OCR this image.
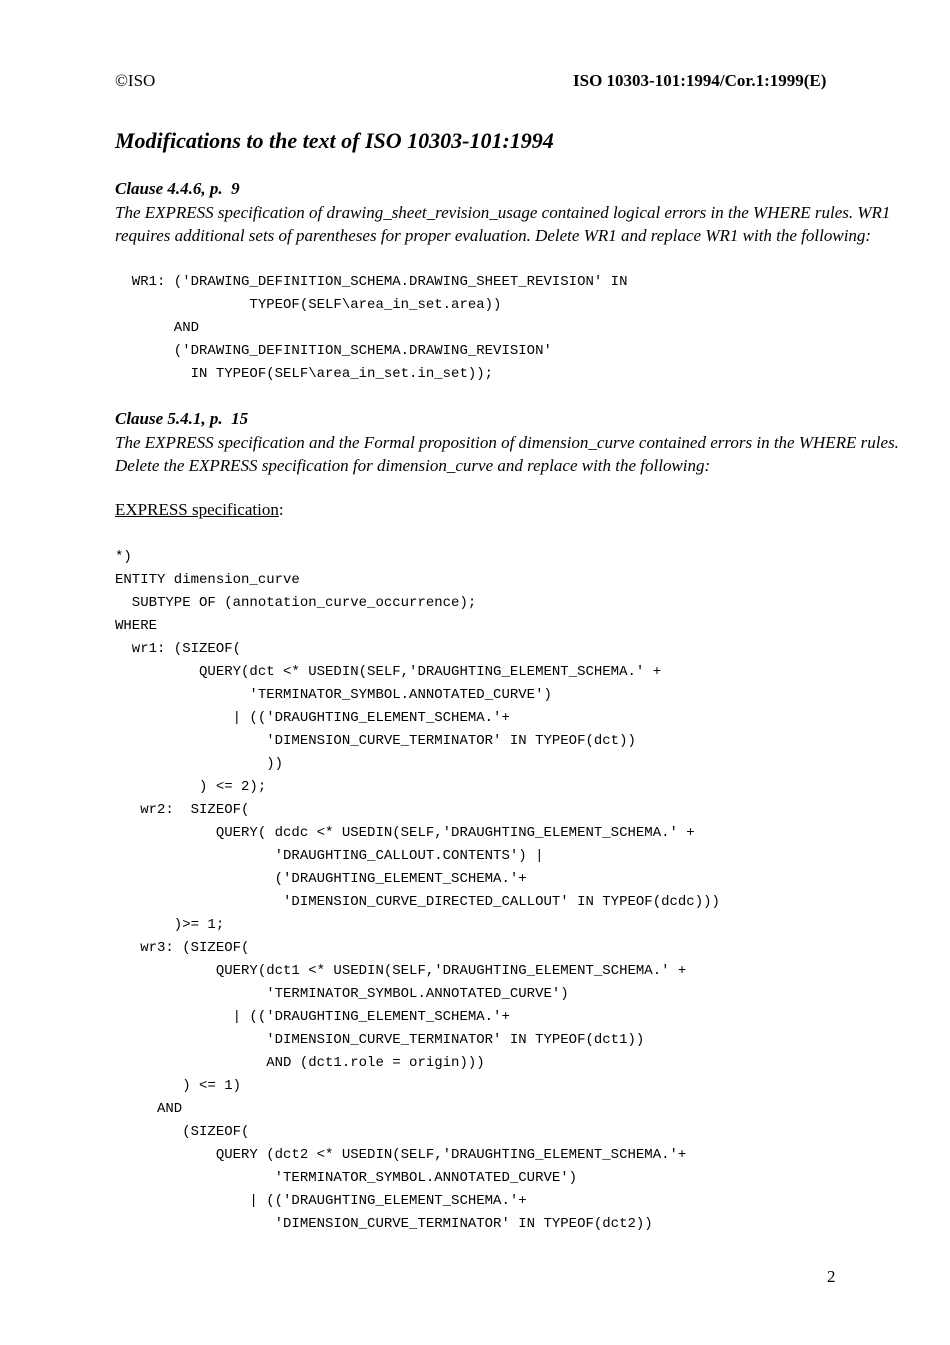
©ISO	ISO 10303-101:1994/Cor.1:1999(E)
Modifications to the text of ISO 10303-101:1994
Clause 4.4.6, p.  9
The EXPRESS specification of drawing_sheet_revision_usage contained logical errors in the WHERE rules. WR1 requires additional sets of parentheses for proper evaluation. Delete WR1 and replace WR1 with the following:
WR1: ('DRAWING_DEFINITION_SCHEMA.DRAWING_SHEET_REVISION' IN
TYPEOF(SELF\area_in_set.area))
AND
('DRAWING_DEFINITION_SCHEMA.DRAWING_REVISION'
IN TYPEOF(SELF\area_in_set.in_set));
Clause 5.4.1, p.  15
The EXPRESS specification and the Formal proposition of dimension_curve contained errors in the WHERE rules. Delete the EXPRESS specification for dimension_curve and replace with the following:
EXPRESS specification:
*)
ENTITY dimension_curve
SUBTYPE OF (annotation_curve_occurrence);
WHERE
wr1: (SIZEOF(
QUERY(dct <* USEDIN(SELF,'DRAUGHTING_ELEMENT_SCHEMA.' +
'TERMINATOR_SYMBOL.ANNOTATED_CURVE')
| (('DRAUGHTING_ELEMENT_SCHEMA.'+
'DIMENSION_CURVE_TERMINATOR' IN TYPEOF(dct))
))
) <= 2);
wr2:  SIZEOF(
QUERY( dcdc <* USEDIN(SELF,'DRAUGHTING_ELEMENT_SCHEMA.' +
'DRAUGHTING_CALLOUT.CONTENTS') |
('DRAUGHTING_ELEMENT_SCHEMA.'+
'DIMENSION_CURVE_DIRECTED_CALLOUT' IN TYPEOF(dcdc)))
)>= 1;
wr3: (SIZEOF(
QUERY(dct1 <* USEDIN(SELF,'DRAUGHTING_ELEMENT_SCHEMA.' +
'TERMINATOR_SYMBOL.ANNOTATED_CURVE')
| (('DRAUGHTING_ELEMENT_SCHEMA.'+
'DIMENSION_CURVE_TERMINATOR' IN TYPEOF(dct1))
AND (dct1.role = origin)))
) <= 1)
AND
(SIZEOF(
QUERY (dct2 <* USEDIN(SELF,'DRAUGHTING_ELEMENT_SCHEMA.'+
'TERMINATOR_SYMBOL.ANNOTATED_CURVE')
| (('DRAUGHTING_ELEMENT_SCHEMA.'+
'DIMENSION_CURVE_TERMINATOR' IN TYPEOF(dct2))
2
